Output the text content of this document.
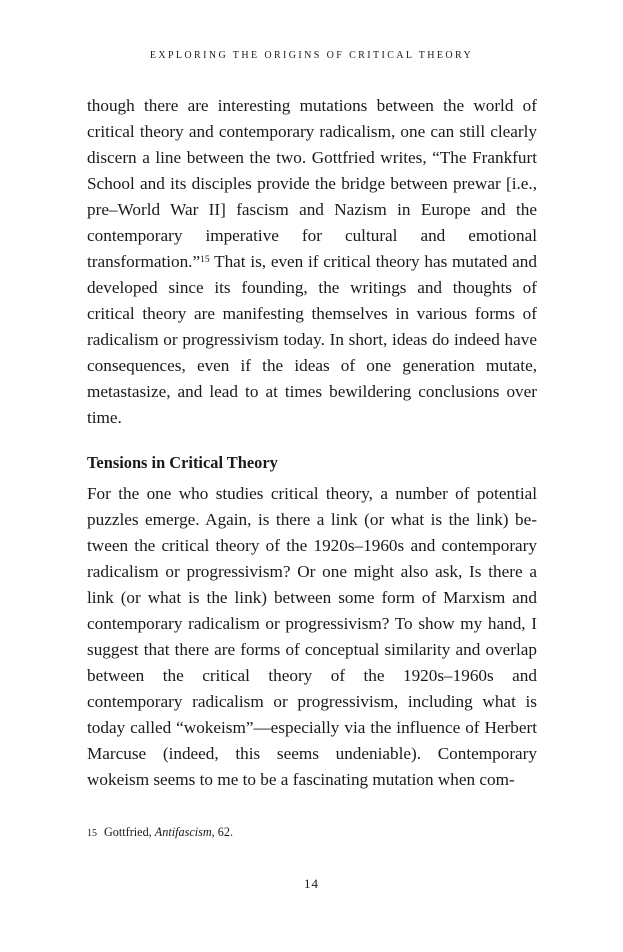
EXPLORING THE ORIGINS OF CRITICAL THEORY

though there are interesting mutations between the world of critical theory and contemporary radicalism, one can still clearly discern a line between the two. Gottfried writes, “The Frankfurt School and its disciples provide the bridge between prewar [i.e., pre–World War II] fascism and Nazism in Europe and the contemporary imperative for cultural and emotional transformation.”$^{15}$ That is, even if critical theory has mutated and developed since its founding, the writings and thoughts of critical theory are manifesting themselves in various forms of radicalism or progressivism today. In short, ideas do indeed have consequences, even if the ideas of one generation mutate, metastasize, and lead to at times bewildering conclusions over time.

Tensions in Critical Theory

For the one who studies critical theory, a number of potential puzzles emerge. Again, is there a link (or what is the link) between the critical theory of the 1920s–1960s and contemporary radicalism or progressivism? Or one might also ask, Is there a link (or what is the link) between some form of Marxism and contemporary radicalism or progressivism? To show my hand, I suggest that there are forms of conceptual similarity and overlap between the critical theory of the 1920s–1960s and contemporary radicalism or progressivism, including what is today called “wokeism”—especially via the influence of Herbert Marcuse (indeed, this seems undeniable). Contemporary wokeism seems to me to be a fascinating mutation when com-

15 Gottfried, Antifascism, 62.
14
